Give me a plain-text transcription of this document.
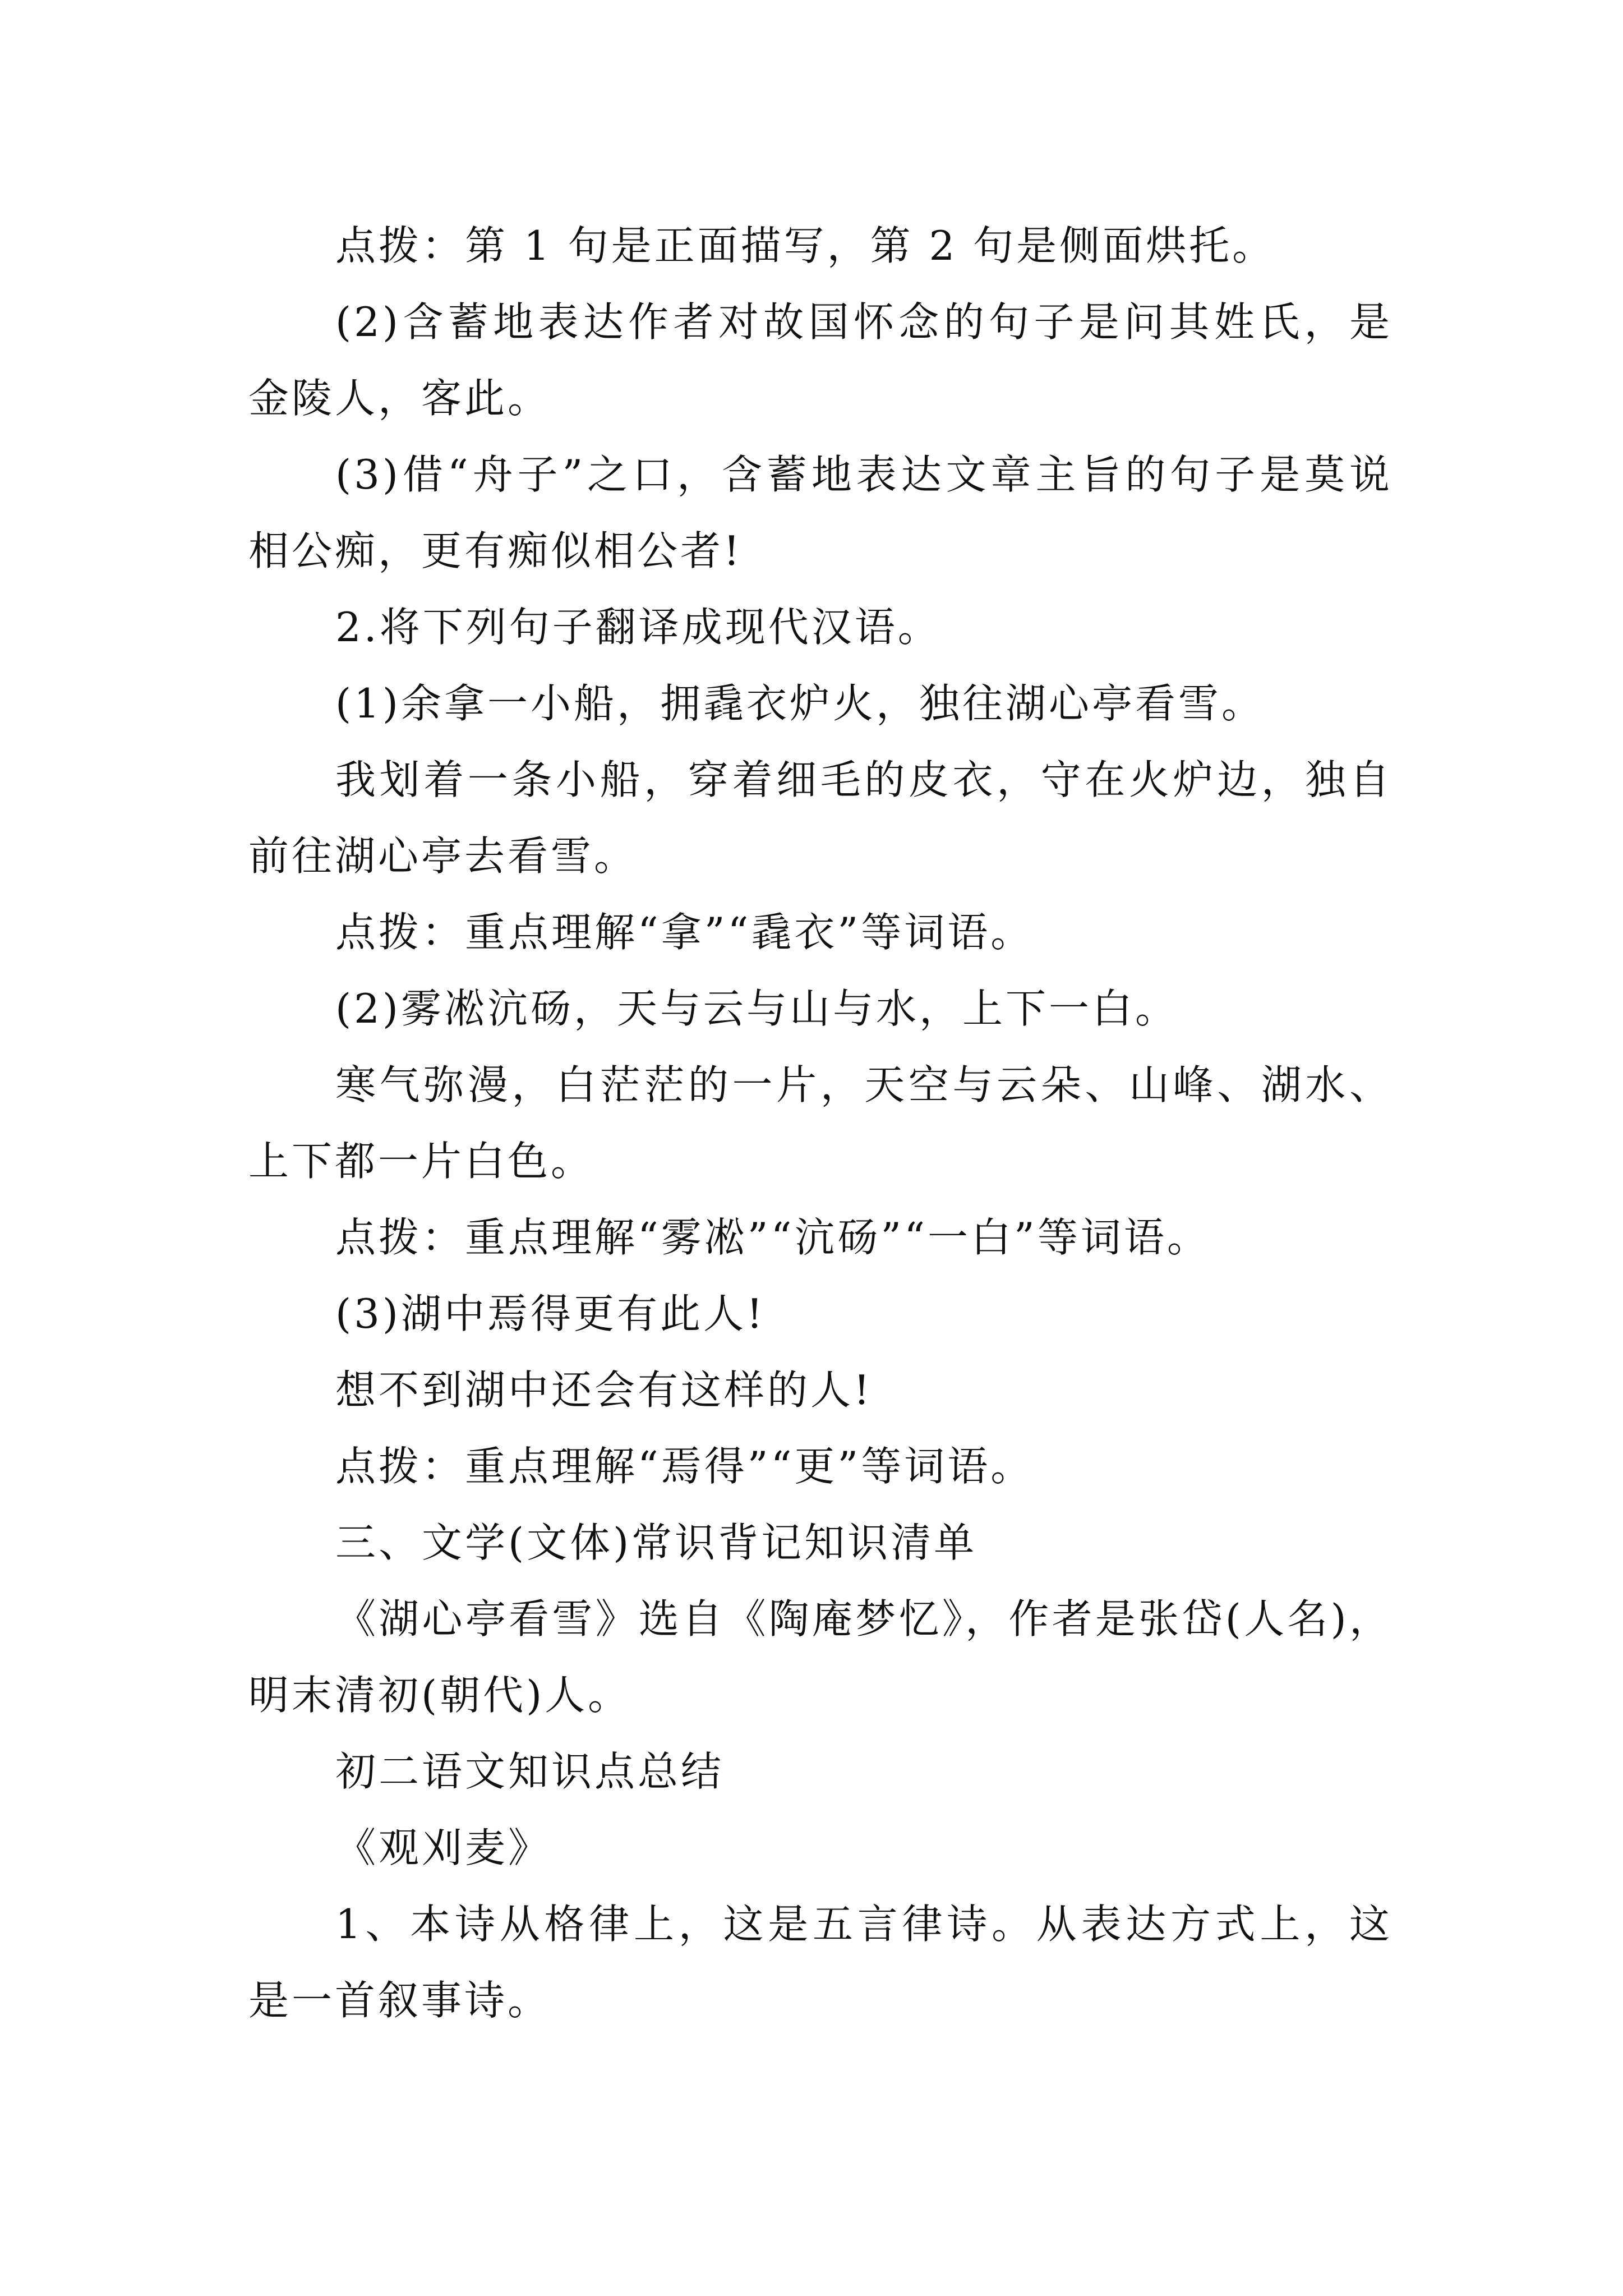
点拨：第 1 句是正面描写，第 2 句是侧面烘托。

(2)含蓄地表达作者对故国怀念的句子是问其姓氏，是金陵人，客此。

(3)借“舟子”之口，含蓄地表达文章主旨的句子是莫说相公痴，更有痴似相公者!

2.将下列句子翻译成现代汉语。

(1)余拿一小船，拥毳衣炉火，独往湖心亭看雪。

我划着一条小船，穿着细毛的皮衣，守在火炉边，独自前往湖心亭去看雪。

点拨：重点理解“拿”“毳衣”等词语。

(2)雾凇沆砀，天与云与山与水，上下一白。

寒气弥漫，白茫茫的一片，天空与云朵、山峰、湖水、上下都一片白色。

点拨：重点理解“雾凇”“沆砀”“一白”等词语。

(3)湖中焉得更有此人!

想不到湖中还会有这样的人!

点拨：重点理解“焉得”“更”等词语。

三、文学(文体)常识背记知识清单

《湖心亭看雪》选自《陶庵梦忆》，作者是张岱(人名)，明末清初(朝代)人。

初二语文知识点总结

《观刈麦》

1、本诗从格律上，这是五言律诗。从表达方式上，这是一首叙事诗。
